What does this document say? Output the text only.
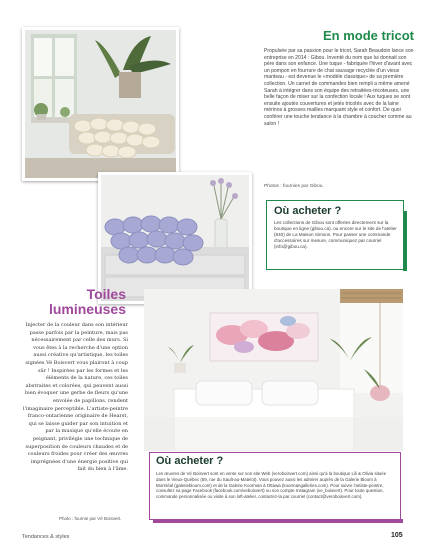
En mode tricot
Propulsée par sa passion pour le tricot, Sarah Beaudoin lance son entreprise en 2014 : Gibou. Inventé du nom que lui donnait son père dans son enfance. Une tuque - fabriquée l'hiver d'avant avec un pompon en fourrure de chat sauvage recyclée d'un vieux manteau - est devenue le «modèle classique» de sa première collection. Un carnet de commandes bien rempli a même amené Sarah à intégrer dans son équipe des retraitées-tricoteuses, une belle façon de miser sur la confection locale ! Aux tuques se sont ensuite ajoutés couvertures et jetés tricotés avec de la laine mérinos à grosses mailles marquant style et confort. De quoi conférer une touche tendance à la chambre à coucher comme au salon !
Photos : fournies par Gibou.
Où acheter ?
Les collections de Gibou sont offertes directement sur la boutique en ligne (gibou.ca), ou encore sur le site de l'atelier (840) de La Maison Simons. Pour passer une commande d'accessoires sur mesure, communiquez par courriel (info@gibou.ca).
Toiles lumineuses
Injecter de la couleur dans son intérieur passe parfois par la peinture, mais pas nécessairement par celle des murs. Si vous êtes à la recherche d'une option aussi créative qu'artistique, les toiles signées Vé Boisvert vous plairont à coup sûr ! Inspirées par les formes et les éléments de la nature, ces toiles abstraites et colorées, qui peuvent aussi bien évoquer une gerbe de fleurs qu'une envolée de papillons, rendent l'imaginaire perceptible. L'artiste-peintre franco-ontarienne originaire de Hearst, qui se laisse guider par son intuition et par la musique qu'elle écoute en peignant, privilégie une technique de superposition de couleurs chaudes et de couleurs froides pour créer des œuvres imprégnées d'une énergie positive qui fait du bien à l'âme.
Photo : fournie par Vé Boisvert.
Où acheter ?
Les œuvres de Vé Boisvert sont en vente sur son site Web (veroboisvert.com) ainsi qu'à la boutique Lili & Olivia située dans le Vieux-Québec (69, rue du Sault-au-Matelot). Vous pouvez aussi les admirer auprès de la Galerie Bloom à Montréal (galeriebloom.com) et de la Galerie Koorman à Ottawa (koormangalleries.com). Pour suivre l'artiste-peintre, consultez sa page Facebook (facebook.com/veboisvert) ou son compte Instagram (ve_boisvert). Pour toute question, commande personnalisée ou visite à son loft-atelier, contactez-la par courriel (contact@veroboisvert.com).
Tendances & styles	105
